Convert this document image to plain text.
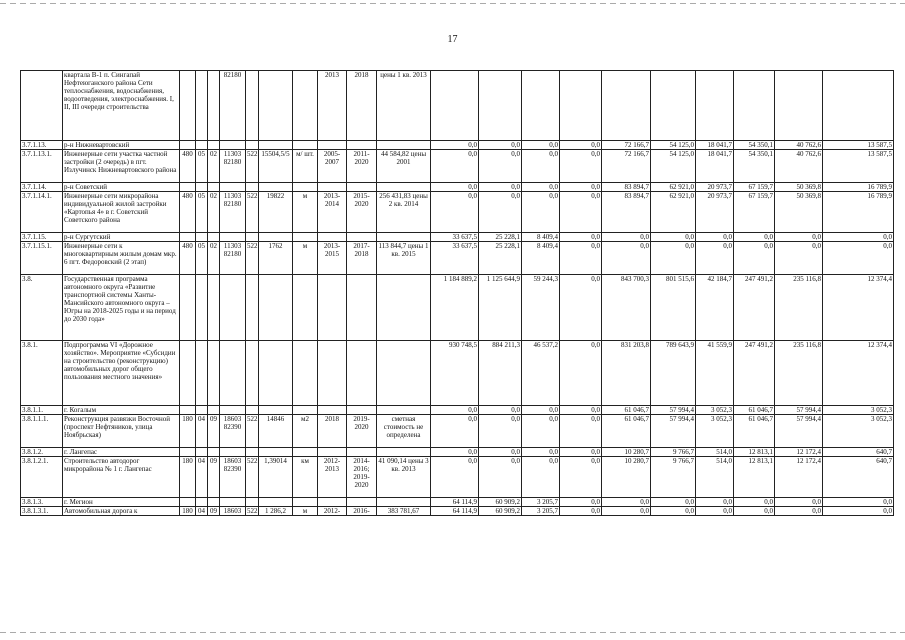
17
	квартала В-1 п. Сингапай Нефтеюганского района Сети теплоснабжения, водоснабжения, водоотведения, электроснабжения. I, II, III очереди строительства				82180				2013	2018	цены 1 кв. 2013										
3.7.1.13.	р-н Нижневартовский											0,0	0,0	0,0	0,0	72 166,7	54 125,0	18 041,7	54 350,1	40 762,6	13 587,5
3.7.1.13.1.	Инженерные сети участка частной застройки (2 очередь) в пгт. Излучинск Нижневартовского района	480	05	02	11303 82180	522	15504,5/5	м/ шт.	2005-2007	2011-2020	44 584,82 цены 2001	0,0	0,0	0,0	0,0	72 166,7	54 125,0	18 041,7	54 350,1	40 762,6	13 587,5
3.7.1.14.	р-н Советский											0,0	0,0	0,0	0,0	83 894,7	62 921,0	20 973,7	67 159,7	50 369,8	16 789,9
3.7.1.14.1.	Инженерные сети микрорайона индивидуальной жилой застройки «Картопья 4» в г. Советский Советского района	480	05	02	11303 82180	522	19822	м	2013-2014	2015-2020	256 431,83 цены 2 кв. 2014	0,0	0,0	0,0	0,0	83 894,7	62 921,0	20 973,7	67 159,7	50 369,8	16 789,9
3.7.1.15.	р-н Сургутский											33 637,5	25 228,1	8 409,4	0,0	0,0	0,0	0,0	0,0	0,0	0,0
3.7.1.15.1.	Инженерные сети к многоквартирным жилым домам мкр. 6 пгт. Федоровский (2 этап)	480	05	02	11303 82180	522	1762	м	2013-2015	2017-2018	113 844,7 цены 1 кв. 2015	33 637,5	25 228,1	8 409,4	0,0	0,0	0,0	0,0	0,0	0,0	0,0
3.8.	Государственная программа автономного округа «Развитие транспортной системы Ханты-Мансийского автономного округа – Югры на 2018-2025 годы и на период до 2030 года»											1 184 889,2	1 125 644,9	59 244,3	0,0	843 700,3	801 515,6	42 184,7	247 491,2	235 116,8	12 374,4
3.8.1.	Подпрограмма VI «Дорожное хозяйство». Мероприятие «Субсидии на строительство (реконструкцию) автомобильных дорог общего пользования местного значения»											930 748,5	884 211,3	46 537,2	0,0	831 203,8	789 643,9	41 559,9	247 491,2	235 116,8	12 374,4
3.8.1.1.	г. Когалым											0,0	0,0	0,0	0,0	61 046,7	57 994,4	3 052,3	61 046,7	57 994,4	3 052,3
3.8.1.1.1.	Реконструкция развязки Восточной (проспект Нефтяников, улица Ноябрьская)	180	04	09	18603 82390	522	14846	м2	2018	2019-2020	сметная стоимость не определена	0,0	0,0	0,0	0,0	61 046,7	57 994,4	3 052,3	61 046,7	57 994,4	3 052,3
3.8.1.2.	г. Лангепас											0,0	0,0	0,0	0,0	10 280,7	9 766,7	514,0	12 813,1	12 172,4	640,7
3.8.1.2.1.	Строительство автодорог микрорайона № 1 г. Лангепас	180	04	09	18603 82390	522	1,39014	км	2012-2013	2014-2016; 2019-2020	41 090,14 цены 3 кв. 2013	0,0	0,0	0,0	0,0	10 280,7	9 766,7	514,0	12 813,1	12 172,4	640,7
3.8.1.3.	г. Мегион											64 114,9	60 909,2	3 205,7	0,0	0,0	0,0	0,0	0,0	0,0	0,0
3.8.1.3.1.	Автомобильная дорога к	180	04	09	18603	522	1 286,2	м	2012-	2016-	383 781,67	64 114,9	60 909,2	3 205,7	0,0	0,0	0,0	0,0	0,0	0,0	0,0
